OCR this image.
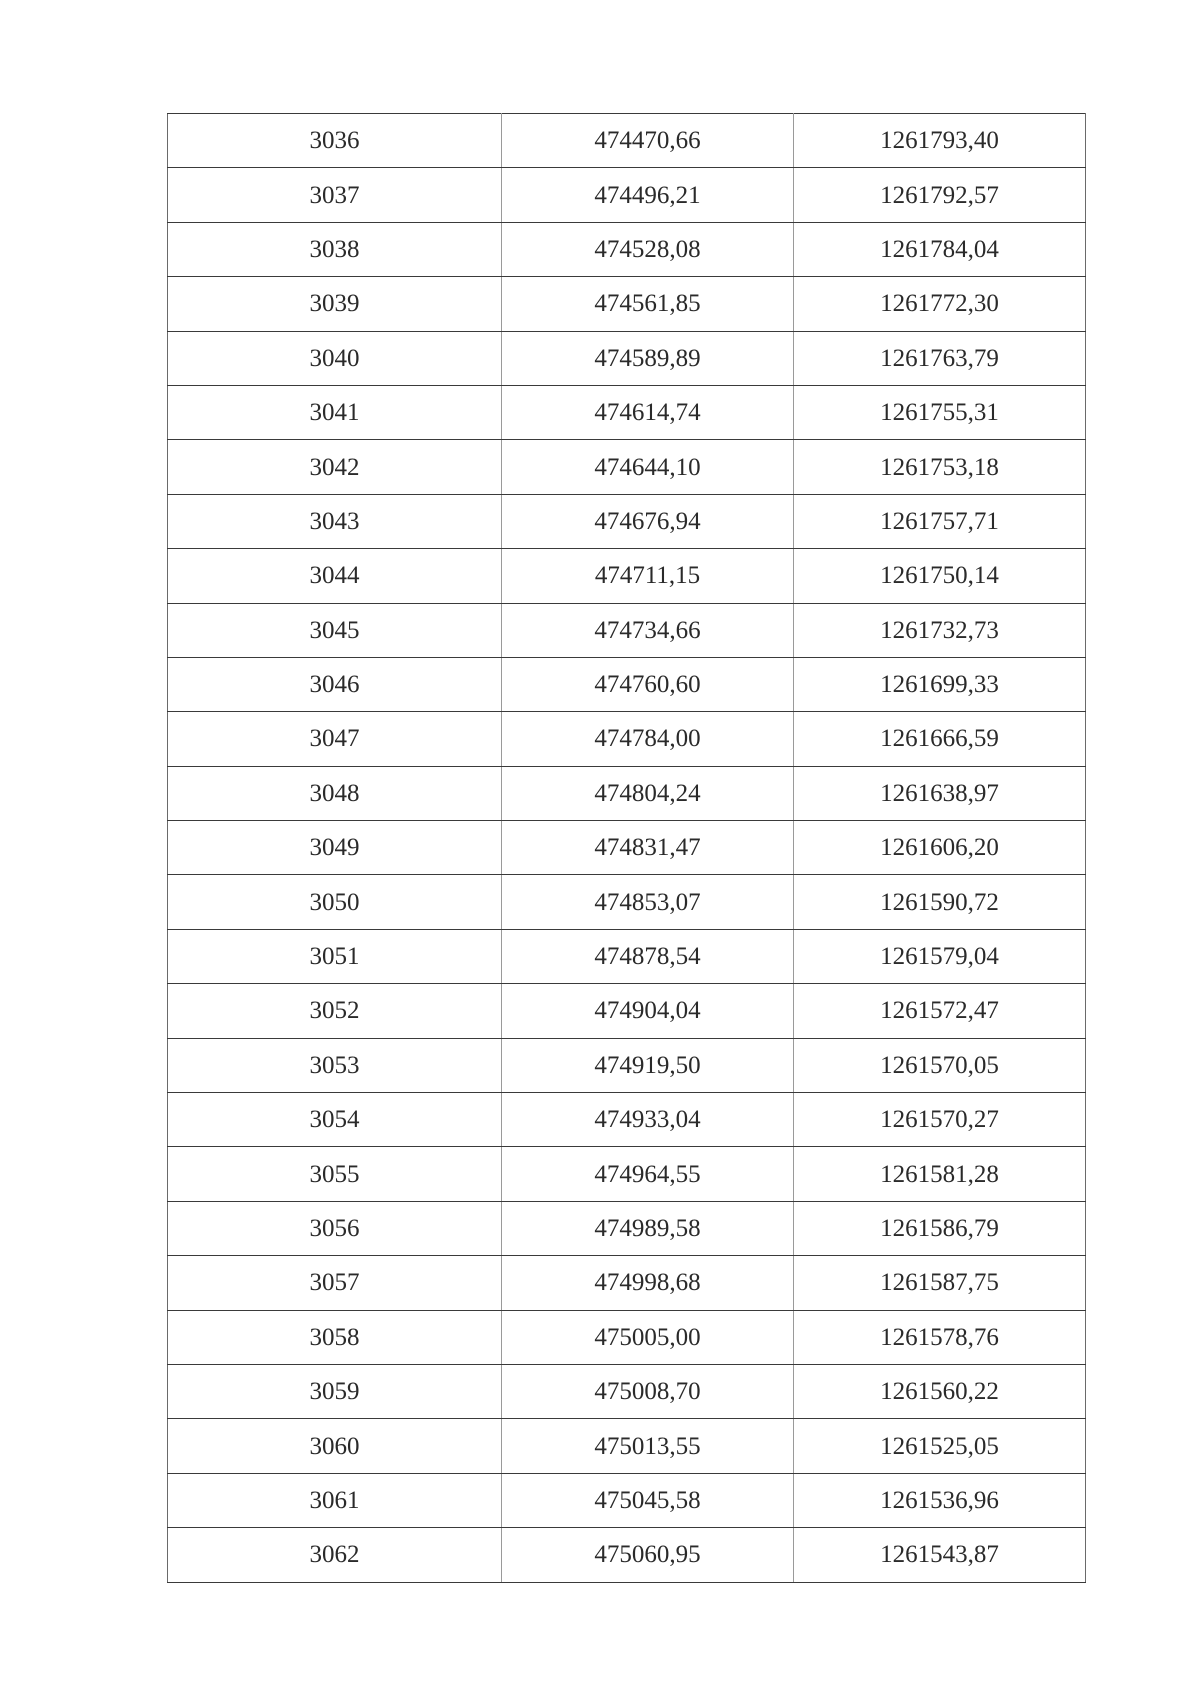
3036	474470,66	1261793,40
3037	474496,21	1261792,57
3038	474528,08	1261784,04
3039	474561,85	1261772,30
3040	474589,89	1261763,79
3041	474614,74	1261755,31
3042	474644,10	1261753,18
3043	474676,94	1261757,71
3044	474711,15	1261750,14
3045	474734,66	1261732,73
3046	474760,60	1261699,33
3047	474784,00	1261666,59
3048	474804,24	1261638,97
3049	474831,47	1261606,20
3050	474853,07	1261590,72
3051	474878,54	1261579,04
3052	474904,04	1261572,47
3053	474919,50	1261570,05
3054	474933,04	1261570,27
3055	474964,55	1261581,28
3056	474989,58	1261586,79
3057	474998,68	1261587,75
3058	475005,00	1261578,76
3059	475008,70	1261560,22
3060	475013,55	1261525,05
3061	475045,58	1261536,96
3062	475060,95	1261543,87
